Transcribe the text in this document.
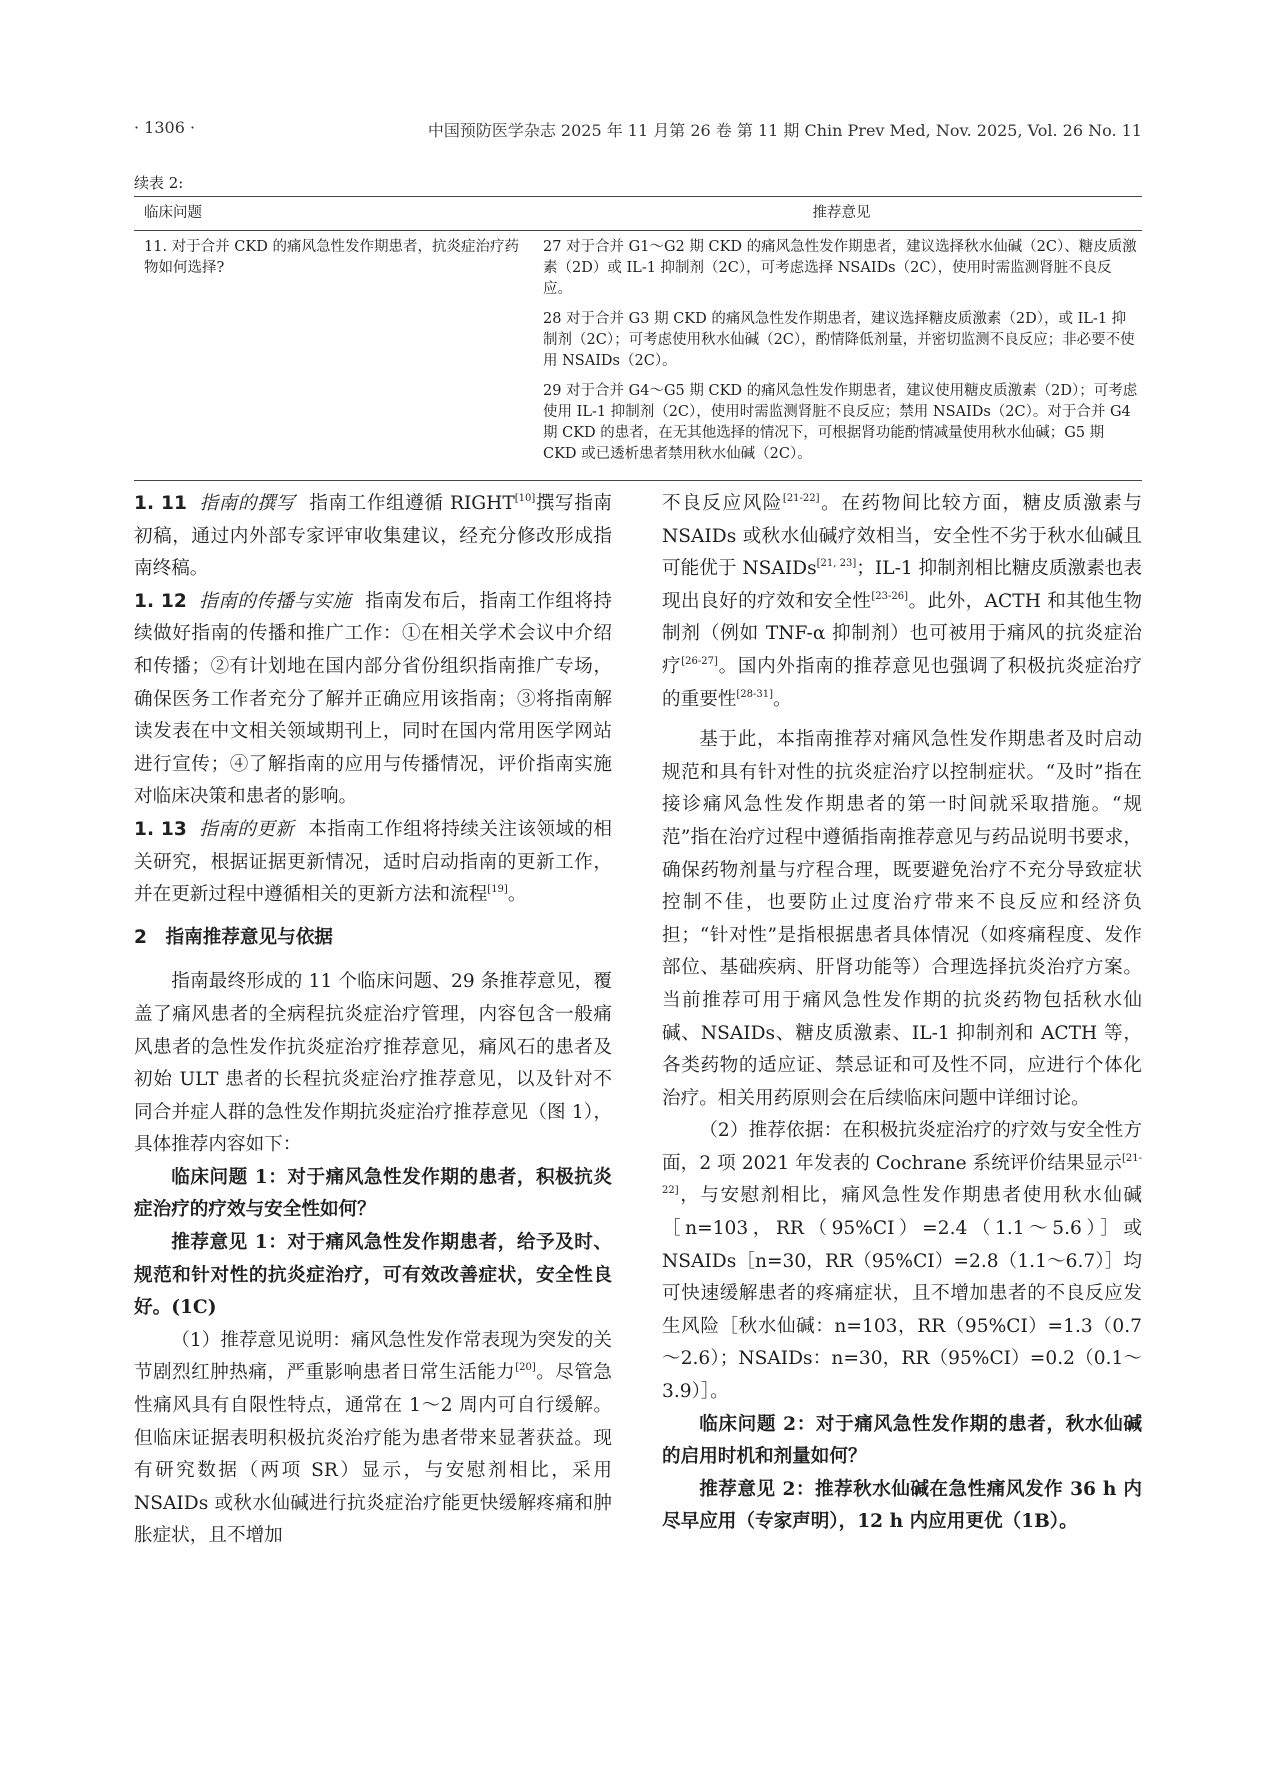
· 1306 ·	中国预防医学杂志 2025 年 11 月第 26 卷 第 11 期 Chin Prev Med, Nov. 2025, Vol. 26 No. 11
续表 2:
临床问题	推荐意见
11. 对于合并 CKD 的痛风急性发作期患者，抗炎症治疗药物如何选择?	27 对于合并 G1～G2 期 CKD 的痛风急性发作期患者，建议选择秋水仙碱（2C）、糖皮质激素（2D）或 IL-1 抑制剂（2C），可考虑选择 NSAIDs（2C），使用时需监测肾脏不良反应。
28 对于合并 G3 期 CKD 的痛风急性发作期患者，建议选择糖皮质激素（2D），或 IL-1 抑制剂（2C）；可考虑使用秋水仙碱（2C），酌情降低剂量，并密切监测不良反应；非必要不使用 NSAIDs（2C）。
29 对于合并 G4～G5 期 CKD 的痛风急性发作期患者，建议使用糖皮质激素（2D）；可考虑使用 IL-1 抑制剂（2C），使用时需监测肾脏不良反应；禁用 NSAIDs（2C）。对于合并 G4 期 CKD 的患者，在无其他选择的情况下，可根据肾功能酌情减量使用秋水仙碱；G5 期 CKD 或已透析患者禁用秋水仙碱（2C）。

1. 11 指南的撰写 指南工作组遵循 RIGHT[10]撰写指南初稿，通过内外部专家评审收集建议，经充分修改形成指南终稿。

1. 12 指南的传播与实施 指南发布后，指南工作组将持续做好指南的传播和推广工作：①在相关学术会议中介绍和传播；②有计划地在国内部分省份组织指南推广专场，确保医务工作者充分了解并正确应用该指南；③将指南解读发表在中文相关领域期刊上，同时在国内常用医学网站进行宣传；④了解指南的应用与传播情况，评价指南实施对临床决策和患者的影响。

1. 13 指南的更新 本指南工作组将持续关注该领域的相关研究，根据证据更新情况，适时启动指南的更新工作，并在更新过程中遵循相关的更新方法和流程[19]。

2　指南推荐意见与依据

指南最终形成的 11 个临床问题、29 条推荐意见，覆盖了痛风患者的全病程抗炎症治疗管理，内容包含一般痛风患者的急性发作抗炎症治疗推荐意见，痛风石的患者及初始 ULT 患者的长程抗炎症治疗推荐意见，以及针对不同合并症人群的急性发作期抗炎症治疗推荐意见（图 1），具体推荐内容如下：

临床问题 1：对于痛风急性发作期的患者，积极抗炎症治疗的疗效与安全性如何？

推荐意见 1：对于痛风急性发作期患者，给予及时、规范和针对性的抗炎症治疗，可有效改善症状，安全性良好。(1C)

（1）推荐意见说明：痛风急性发作常表现为突发的关节剧烈红肿热痛，严重影响患者日常生活能力[20]。尽管急性痛风具有自限性特点，通常在 1～2 周内可自行缓解。但临床证据表明积极抗炎治疗能为患者带来显著获益。现有研究数据（两项 SR）显示，与安慰剂相比，采用 NSAIDs 或秋水仙碱进行抗炎症治疗能更快缓解疼痛和肿胀症状，且不增加

不良反应风险[21-22]。在药物间比较方面，糖皮质激素与 NSAIDs 或秋水仙碱疗效相当，安全性不劣于秋水仙碱且可能优于 NSAIDs[21, 23]；IL-1 抑制剂相比糖皮质激素也表现出良好的疗效和安全性[23-26]。此外，ACTH 和其他生物制剂（例如 TNF-α 抑制剂）也可被用于痛风的抗炎症治疗[26-27]。国内外指南的推荐意见也强调了积极抗炎症治疗的重要性[28-31]。

基于此，本指南推荐对痛风急性发作期患者及时启动规范和具有针对性的抗炎症治疗以控制症状。“及时”指在接诊痛风急性发作期患者的第一时间就采取措施。“规范”指在治疗过程中遵循指南推荐意见与药品说明书要求，确保药物剂量与疗程合理，既要避免治疗不充分导致症状控制不佳，也要防止过度治疗带来不良反应和经济负担；“针对性”是指根据患者具体情况（如疼痛程度、发作部位、基础疾病、肝肾功能等）合理选择抗炎治疗方案。当前推荐可用于痛风急性发作期的抗炎药物包括秋水仙碱、NSAIDs、糖皮质激素、IL-1 抑制剂和 ACTH 等，各类药物的适应证、禁忌证和可及性不同，应进行个体化治疗。相关用药原则会在后续临床问题中详细讨论。

（2）推荐依据：在积极抗炎症治疗的疗效与安全性方面，2 项 2021 年发表的 Cochrane 系统评价结果显示[21-22]，与安慰剂相比，痛风急性发作期患者使用秋水仙碱［n=103，RR（95%CI）=2.4（1.1～5.6）］或 NSAIDs［n=30，RR（95%CI）=2.8（1.1～6.7）］均可快速缓解患者的疼痛症状，且不增加患者的不良反应发生风险［秋水仙碱：n=103，RR（95%CI）=1.3（0.7～2.6）；NSAIDs：n=30，RR（95%CI）=0.2（0.1～3.9）］。

临床问题 2：对于痛风急性发作期的患者，秋水仙碱的启用时机和剂量如何？

推荐意见 2：推荐秋水仙碱在急性痛风发作 36 h 内尽早应用（专家声明），12 h 内应用更优（1B）。
